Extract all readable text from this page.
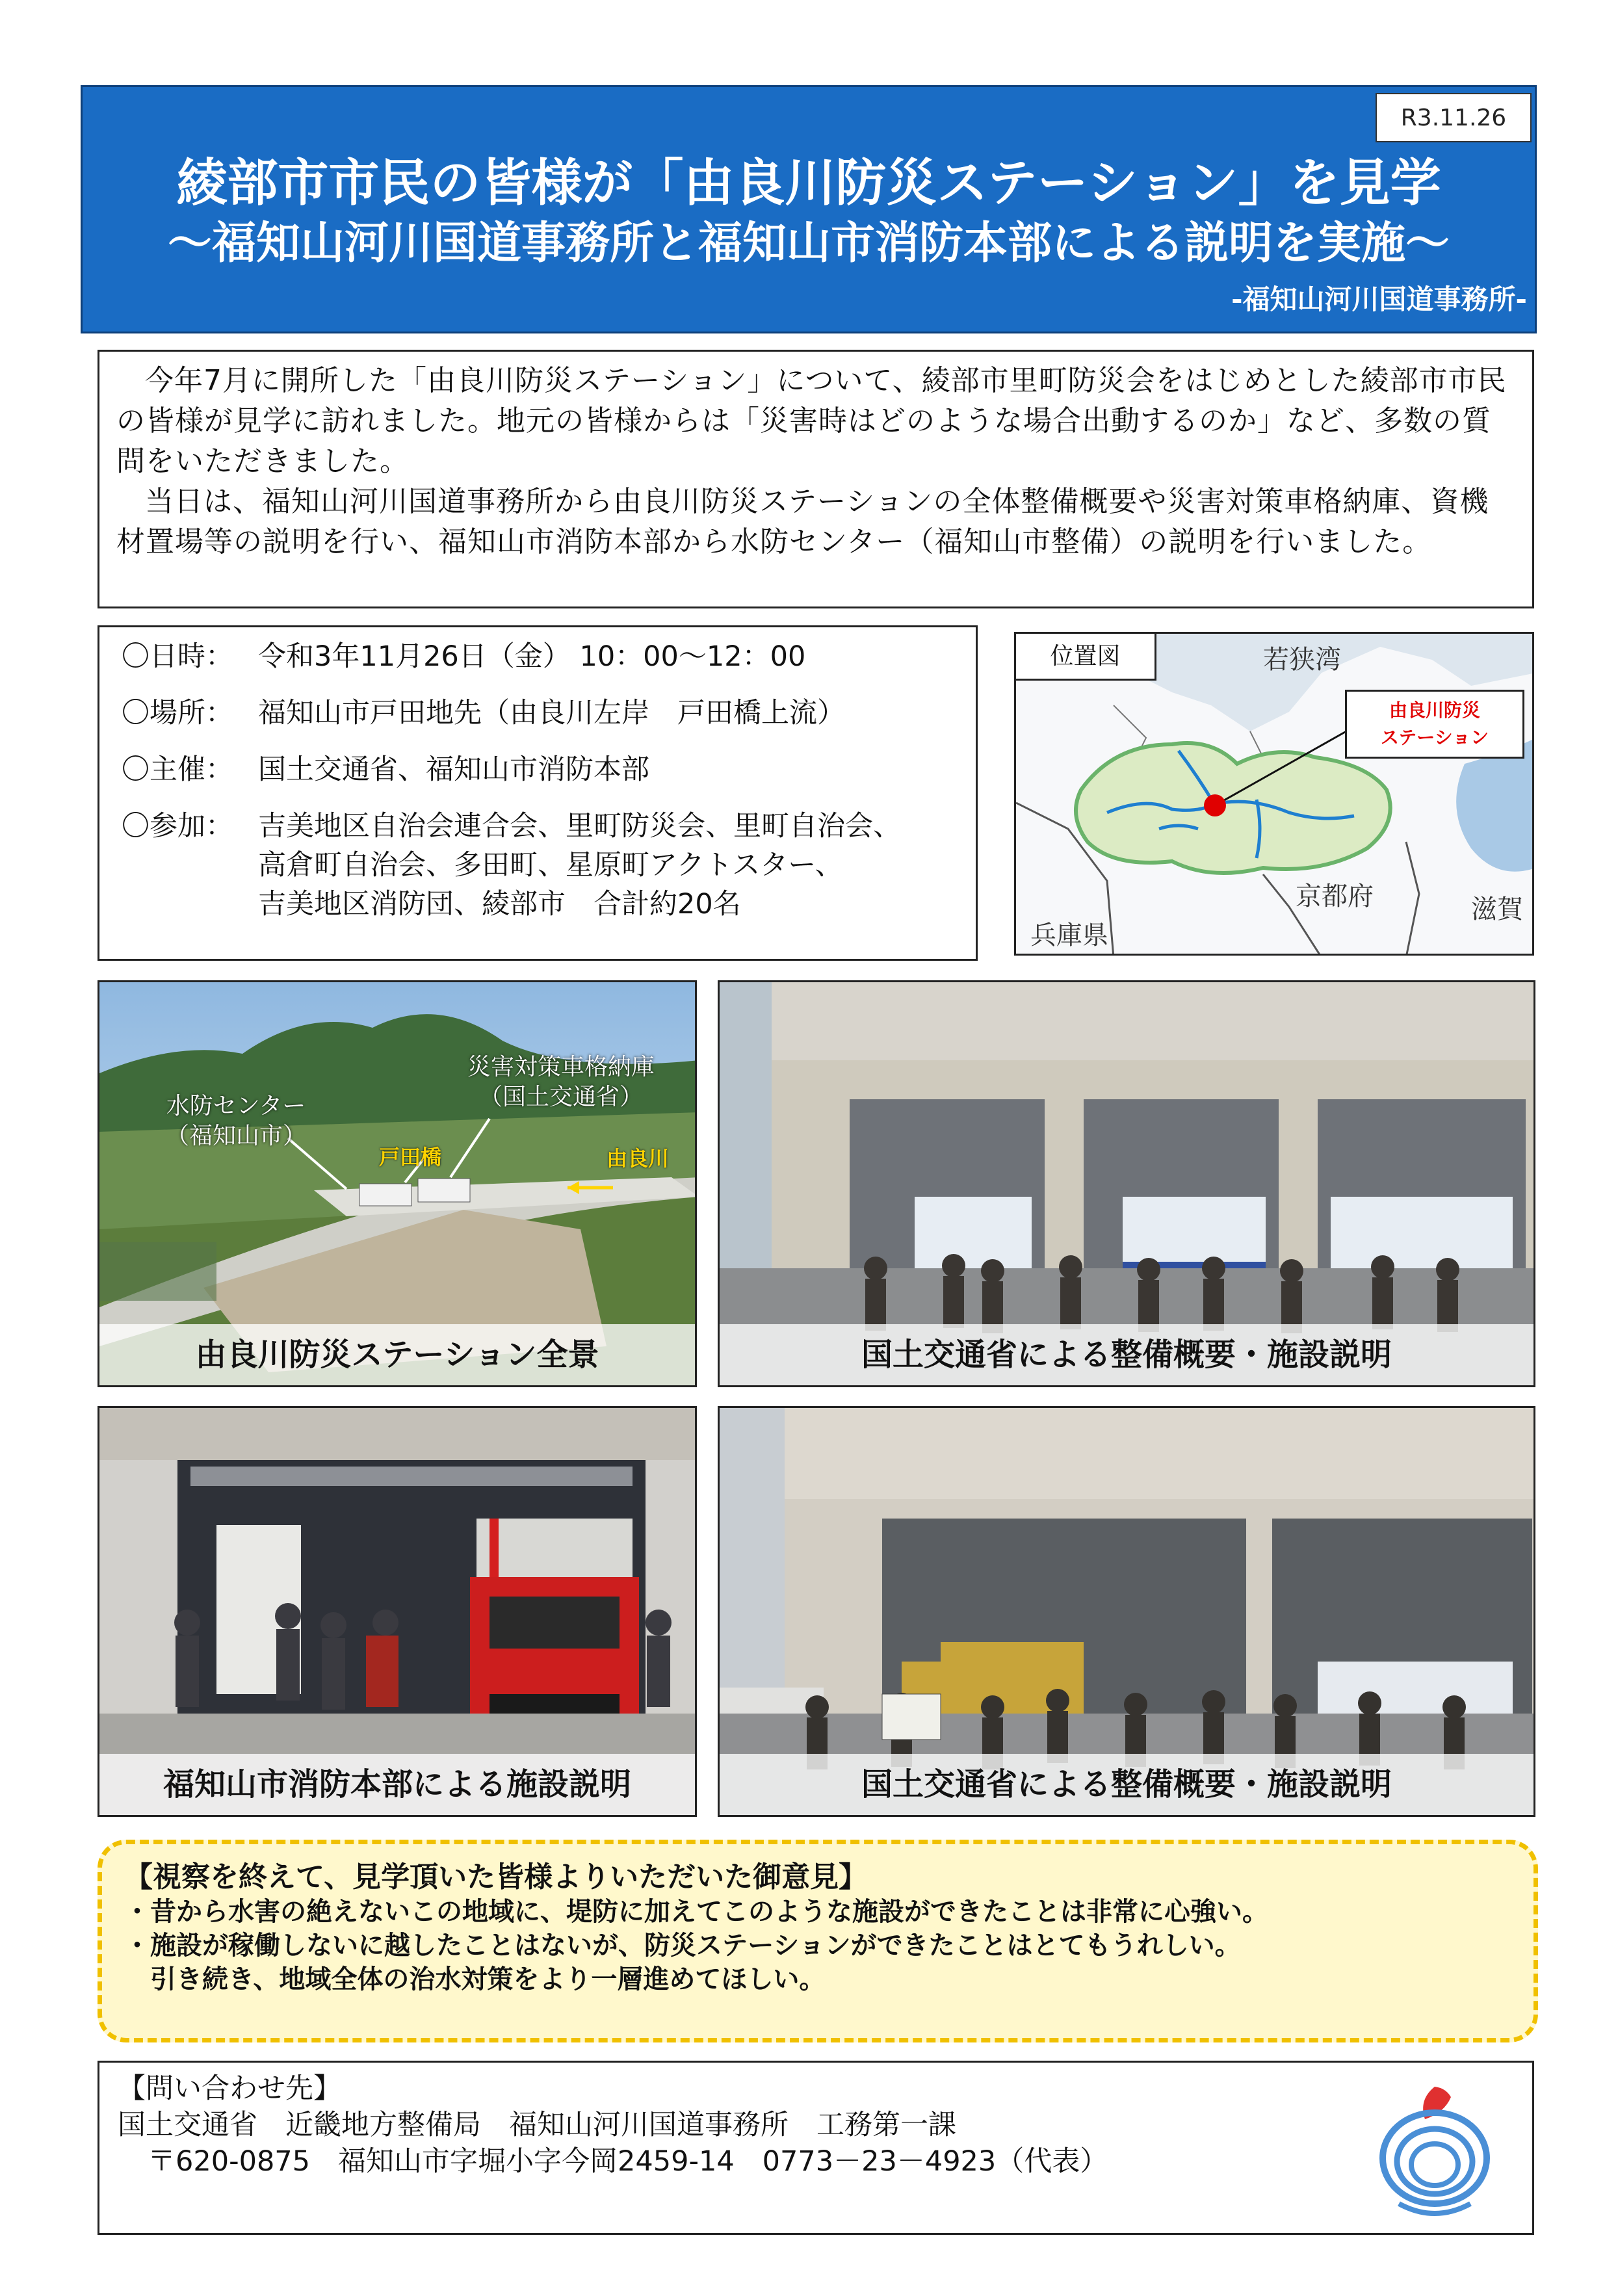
R3.11.26
綾部市市民の皆様が「由良川防災ステーション」を見学
～福知山河川国道事務所と福知山市消防本部による説明を実施～
-福知山河川国道事務所-

今年7月に開所した「由良川防災ステーション」について、綾部市里町防災会をはじめとした綾部市市民の皆様が見学に訪れました。地元の皆様からは「災害時はどのような場合出動するのか」など、多数の質問をいただきました。

当日は、福知山河川国道事務所から由良川防災ステーションの全体整備概要や災害対策車格納庫、資機材置場等の説明を行い、福知山市消防本部から水防センター（福知山市整備）の説明を行いました。

〇日時： 令和3年11月26日（金） 10：00～12：00
〇場所： 福知山市戸田地先（由良川左岸　戸田橋上流）
〇主催： 国土交通省、福知山市消防本部
〇参加： 吉美地区自治会連合会、里町防災会、里町自治会、
高倉町自治会、多田町、星原町アクトスター、
吉美地区消防団、綾部市　合計約20名
位置図
由良川防災
ステーション
若狭湾
京都府
兵庫県
滋賀
水防センター
（福知山市）
災害対策車格納庫
（国土交通省）
戸田橋	由良川
由良川防災ステーション全景	国土交通省による整備概要・施設説明
福知山市消防本部による施設説明	国土交通省による整備概要・施設説明
【視察を終えて、見学頂いた皆様よりいただいた御意見】
・昔から水害の絶えないこの地域に、堤防に加えてこのような施設ができたことは非常に心強い。
・施設が稼働しないに越したことはないが、防災ステーションができたことはとてもうれしい。
引き続き、地域全体の治水対策をより一層進めてほしい。
【問い合わせ先】
国土交通省　近畿地方整備局　福知山河川国道事務所　工務第一課
〒620-0875　福知山市字堀小字今岡2459-14　0773－23－4923（代表）
